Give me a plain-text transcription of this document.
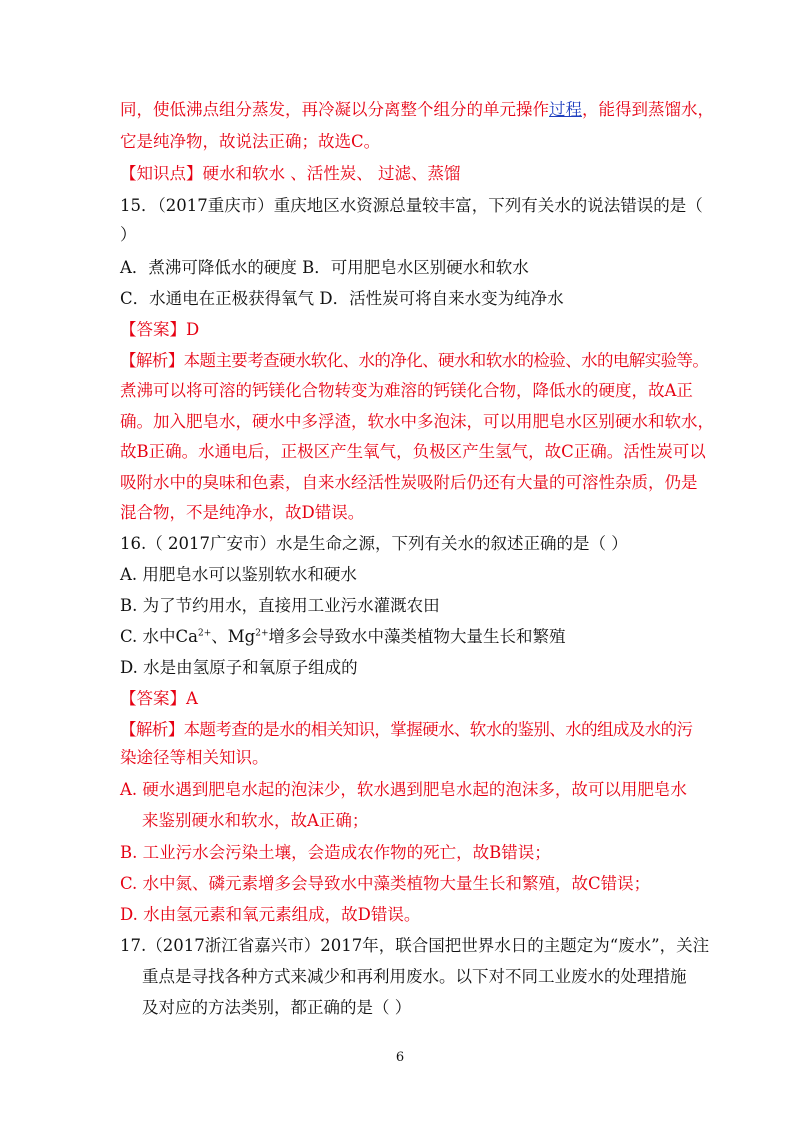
同，使低沸点组分蒸发，再冷凝以分离整个组分的单元操作过程，能得到蒸馏水，
它是纯净物，故说法正确；故选C。
【知识点】硬水和软水 、活性炭、 过滤、蒸馏
15．（2017重庆市）重庆地区水资源总量较丰富，下列有关水的说法错误的是（
）
A．煮沸可降低水的硬度 B．可用肥皂水区别硬水和软水
C．水通电在正极获得氧气 D．活性炭可将自来水变为纯净水
【答案】D
【解析】本题主要考查硬水软化、水的净化、硬水和软水的检验、水的电解实验等。
煮沸可以将可溶的钙镁化合物转变为难溶的钙镁化合物，降低水的硬度，故A正
确。加入肥皂水，硬水中多浮渣，软水中多泡沫，可以用肥皂水区别硬水和软水，
故B正确。水通电后，正极区产生氧气，负极区产生氢气，故C正确。活性炭可以
吸附水中的臭味和色素，自来水经活性炭吸附后仍还有大量的可溶性杂质，仍是
混合物，不是纯净水，故D错误。
16.（ 2017广安市）水是生命之源，下列有关水的叙述正确的是（ ）
A. 用肥皂水可以鉴别软水和硬水
B. 为了节约用水，直接用工业污水灌溉农田
C. 水中$Ca^{2+}$、$Mg^{2+}$增多会导致水中藻类植物大量生长和繁殖
D. 水是由氢原子和氧原子组成的
【答案】A
【解析】本题考查的是水的相关知识，掌握硬水、软水的鉴别、水的组成及水的污
染途径等相关知识。
A. 硬水遇到肥皂水起的泡沫少，软水遇到肥皂水起的泡沫多，故可以用肥皂水
来鉴别硬水和软水，故A正确；
B. 工业污水会污染土壤，会造成农作物的死亡，故B错误；
C. 水中氮、磷元素增多会导致水中藻类植物大量生长和繁殖，故C错误；
D. 水由氢元素和氧元素组成，故D错误。
17.（2017浙江省嘉兴市）2017年，联合国把世界水日的主题定为“废水”，关注
重点是寻找各种方式来减少和再利用废水。以下对不同工业废水的处理措施
及对应的方法类别，都正确的是（ ）
6
